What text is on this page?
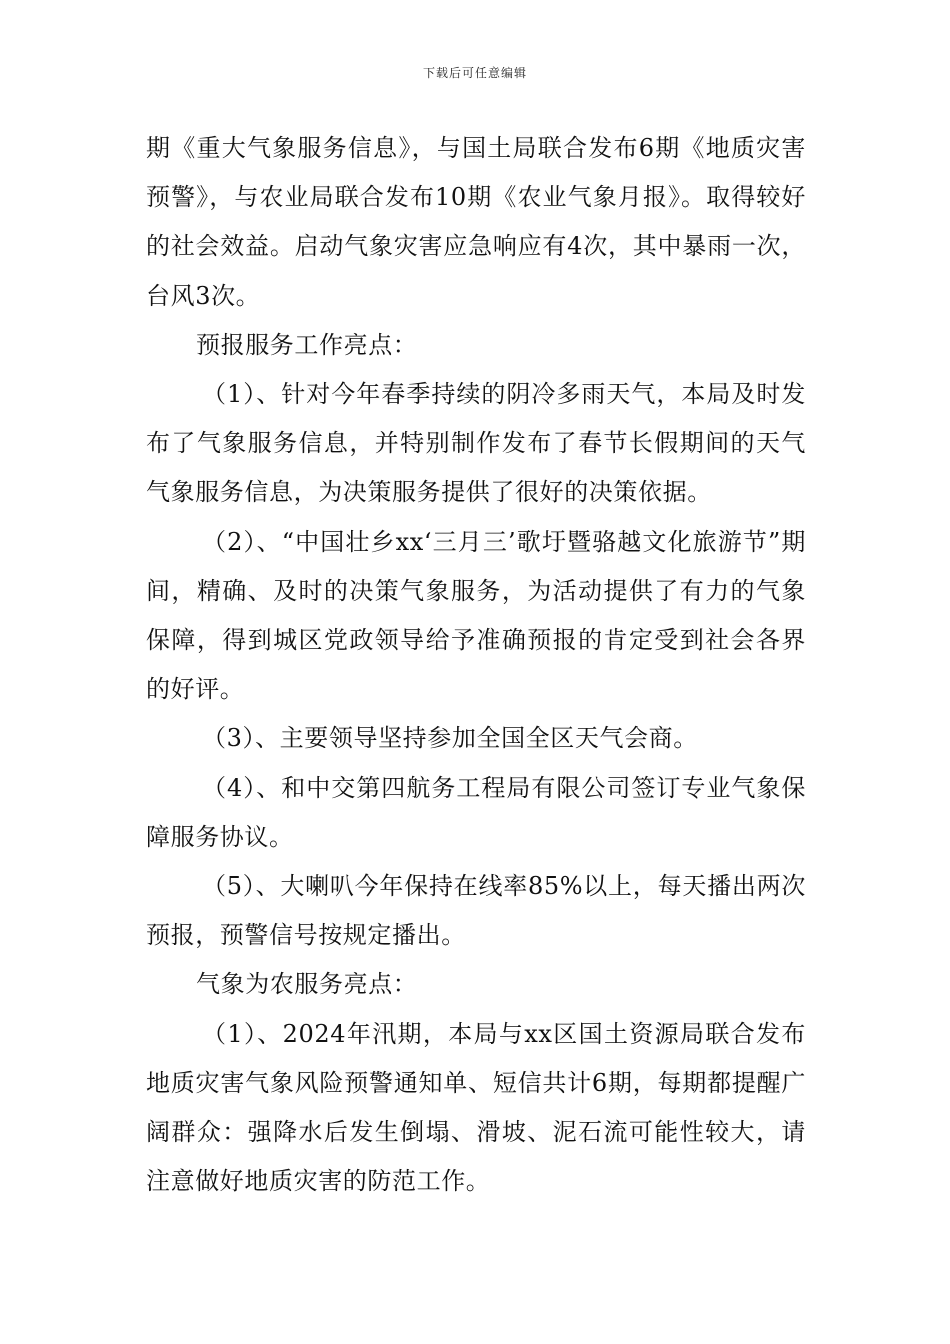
下载后可任意编辑

期《重大气象服务信息》，与国土局联合发布6期《地质灾害预警》，与农业局联合发布10期《农业气象月报》。取得较好的社会效益。启动气象灾害应急响应有4次，其中暴雨一次，台风3次。

预报服务工作亮点：

（1）、针对今年春季持续的阴冷多雨天气，本局及时发布了气象服务信息，并特别制作发布了春节长假期间的天气气象服务信息，为决策服务提供了很好的决策依据。

（2）、“中国壮乡xx‘三月三’歌圩暨骆越文化旅游节”期间，精确、及时的决策气象服务，为活动提供了有力的气象保障，得到城区党政领导给予准确预报的肯定受到社会各界的好评。

（3）、主要领导坚持参加全国全区天气会商。

（4）、和中交第四航务工程局有限公司签订专业气象保障服务协议。

（5）、大喇叭今年保持在线率85%以上，每天播出两次预报，预警信号按规定播出。

气象为农服务亮点：

（1）、2024年汛期，本局与xx区国土资源局联合发布地质灾害气象风险预警通知单、短信共计6期，每期都提醒广阔群众：强降水后发生倒塌、滑坡、泥石流可能性较大，请注意做好地质灾害的防范工作。
